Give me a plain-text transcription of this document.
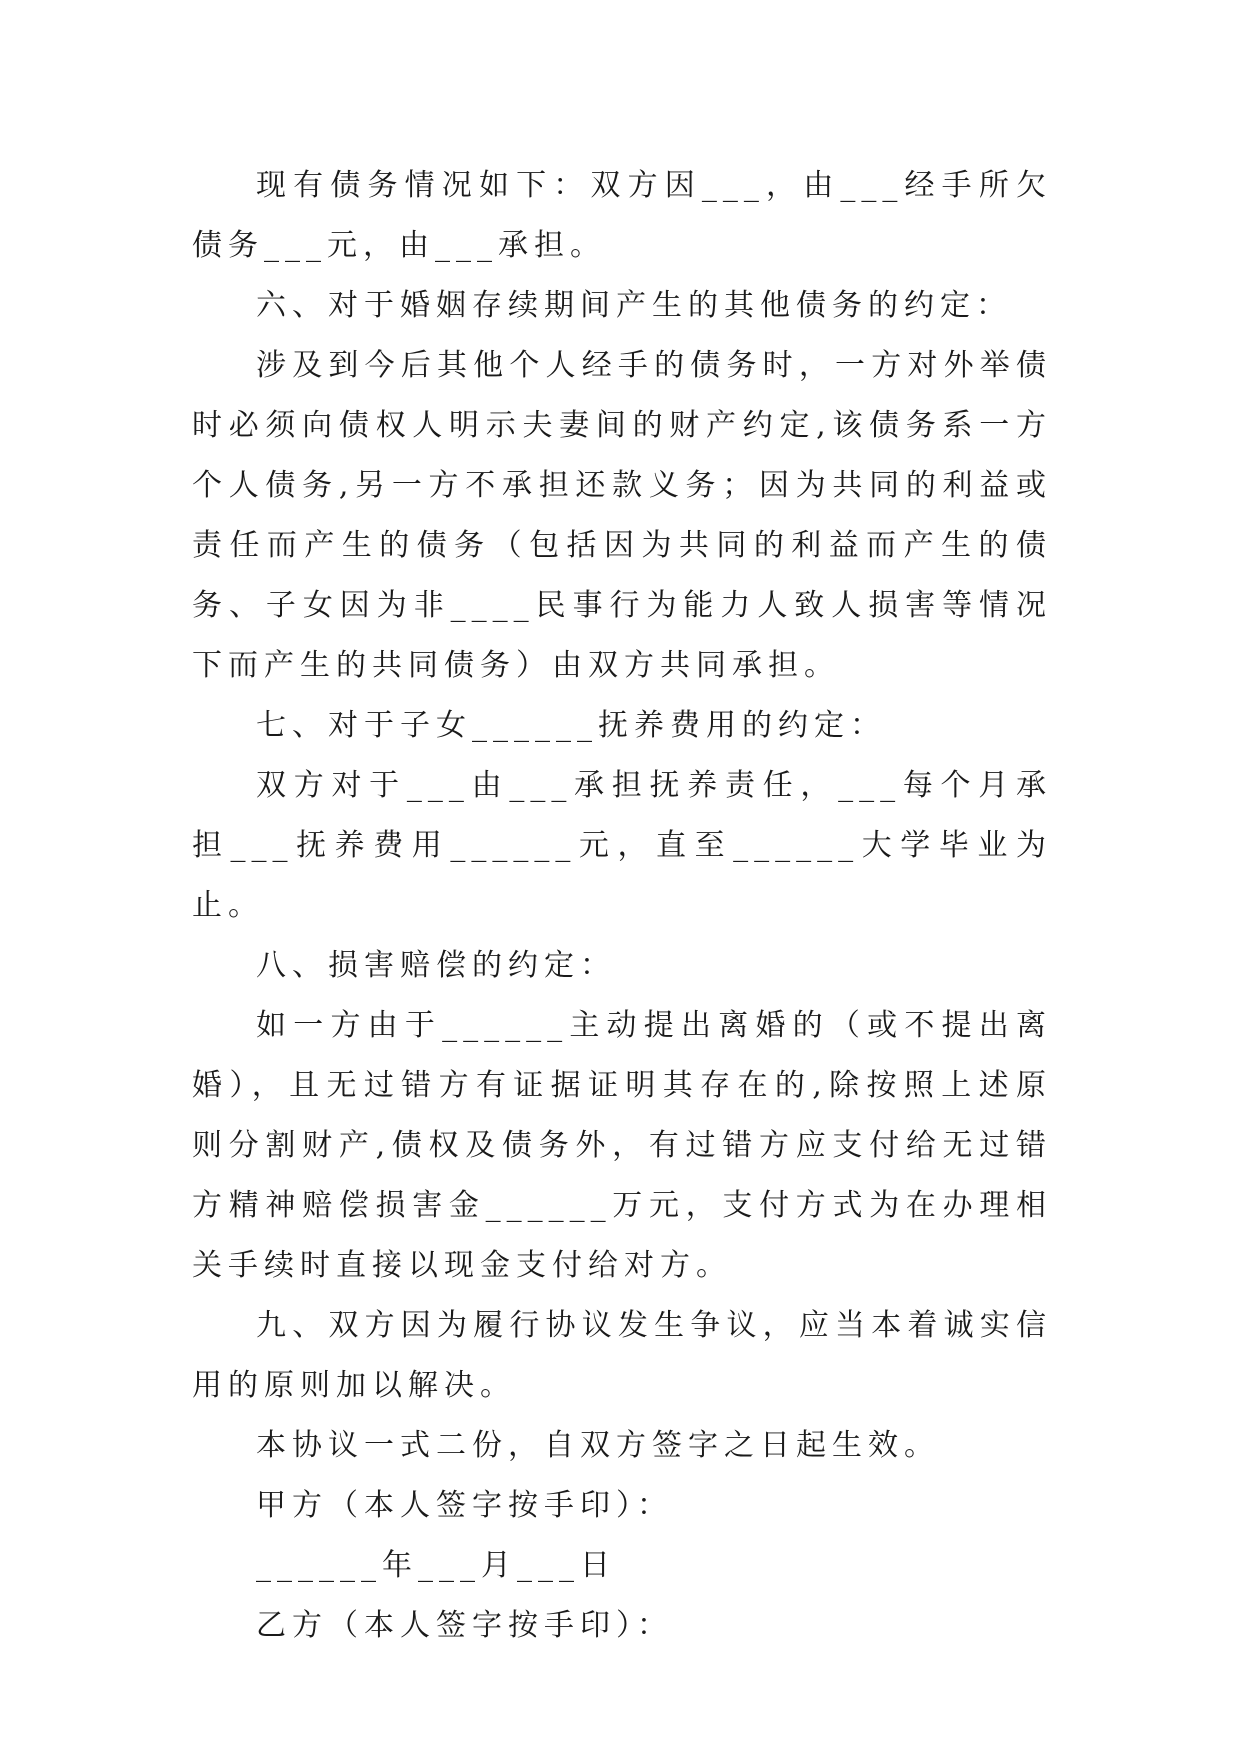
现有债务情况如下：双方因___，由___经手所欠债务___元，由___承担。

六、对于婚姻存续期间产生的其他债务的约定：

涉及到今后其他个人经手的债务时，一方对外举债时必须向债权人明示夫妻间的财产约定,该债务系一方个人债务,另一方不承担还款义务；因为共同的利益或责任而产生的债务（包括因为共同的利益而产生的债务、子女因为非____民事行为能力人致人损害等情况下而产生的共同债务）由双方共同承担。

七、对于子女______抚养费用的约定：

双方对于___由___承担抚养责任，___每个月承担___抚养费用______元，直至______大学毕业为止。

八、损害赔偿的约定：

如一方由于______主动提出离婚的（或不提出离婚），且无过错方有证据证明其存在的,除按照上述原则分割财产,债权及债务外，有过错方应支付给无过错方精神赔偿损害金______万元，支付方式为在办理相关手续时直接以现金支付给对方。

九、双方因为履行协议发生争议，应当本着诚实信用的原则加以解决。

本协议一式二份，自双方签字之日起生效。

甲方（本人签字按手印）：

______年___月___日

乙方（本人签字按手印）：
